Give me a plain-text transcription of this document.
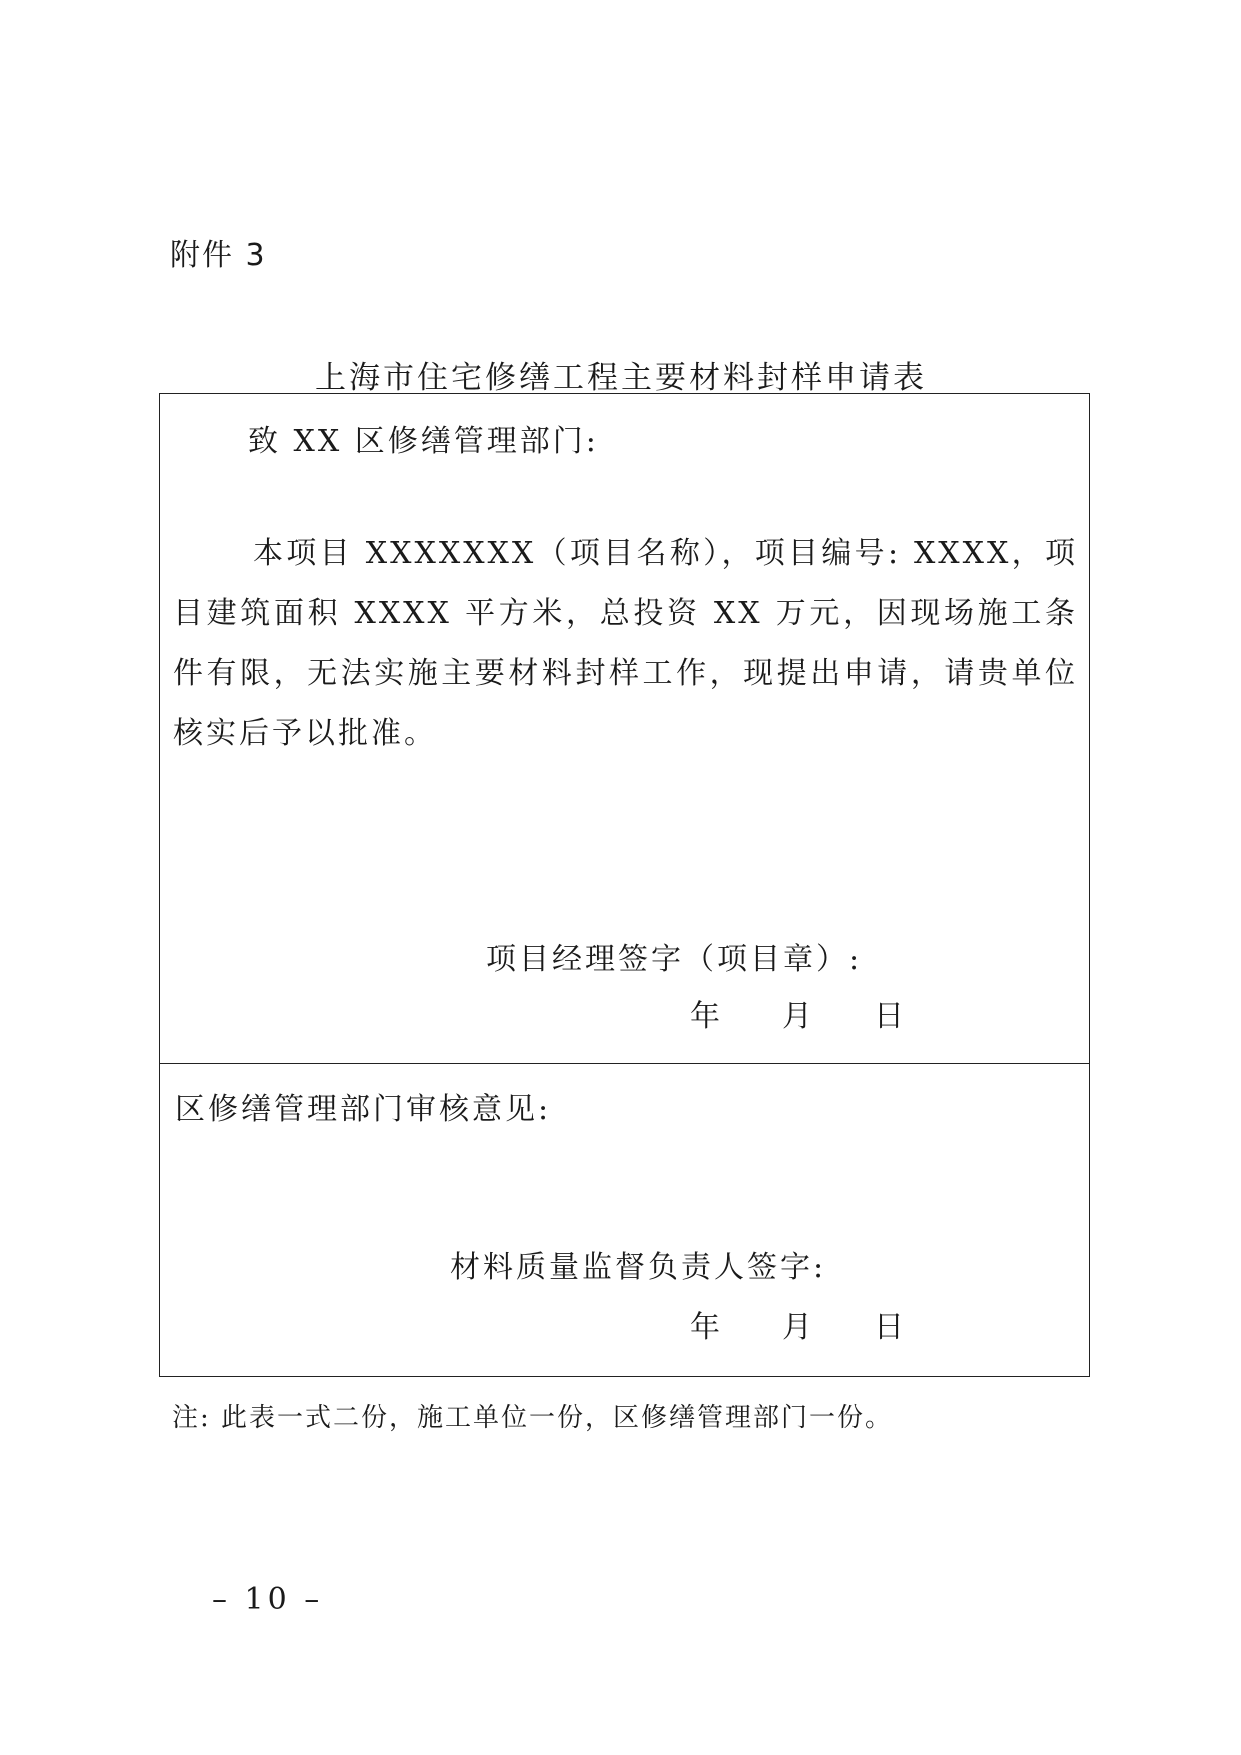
附件 3
上海市住宅修缮工程主要材料封样申请表
致 XX 区修缮管理部门:
本项目 XXXXXXX（项目名称），项目编号: XXXX，项目建筑面积 XXXX 平方米，总投资 XX 万元，因现场施工条件有限，无法实施主要材料封样工作，现提出申请，请贵单位核实后予以批准。
项目经理签字（项目章）:
年 月 日
区修缮管理部门审核意见:
材料质量监督负责人签字:
年 月 日
注: 此表一式二份，施工单位一份，区修缮管理部门一份。
– 10 –
